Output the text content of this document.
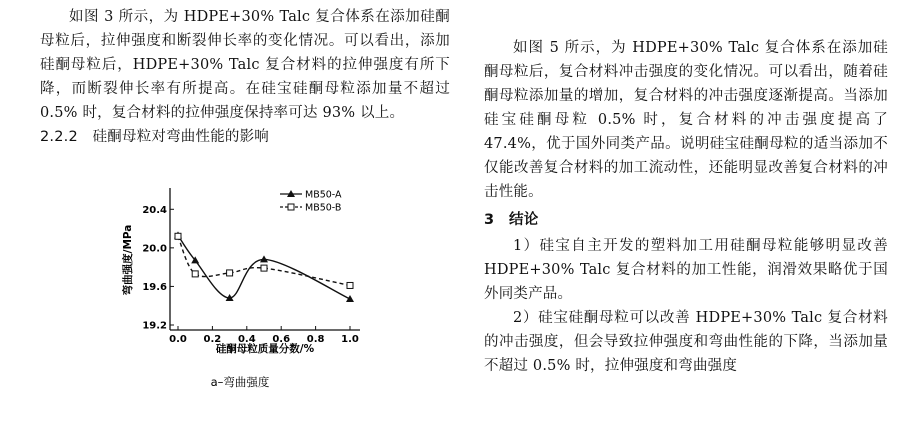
如图 3 所示，为 HDPE+30% Talc 复合体系在添加硅酮母粒后，拉伸强度和断裂伸长率的变化情况。可以看出，添加硅酮母粒后，HDPE+30% Talc 复合材料的拉伸强度有所下降，而断裂伸长率有所提高。在硅宝硅酮母粒添加量不超过 0.5% 时，复合材料的拉伸强度保持率可达 93% 以上。

2.2.2　硅酮母粒对弯曲性能的影响

0.0 0.2 0.4 0.6 0.8 1.0
19.2
19.6
20.0
20.4
MB50-A
MB50-B
硅酮母粒质量分数/%
弯曲强度/MPa
a–弯曲强度

如图 5 所示，为 HDPE+30% Talc 复合体系在添加硅酮母粒后，复合材料冲击强度的变化情况。可以看出，随着硅酮母粒添加量的增加，复合材料的冲击强度逐渐提高。当添加硅宝硅酮母粒 0.5% 时，复合材料的冲击强度提高了 47.4%，优于国外同类产品。说明硅宝硅酮母粒的适当添加不仅能改善复合材料的加工流动性，还能明显改善复合材料的冲击性能。

3　结论

1）硅宝自主开发的塑料加工用硅酮母粒能够明显改善 HDPE+30% Talc 复合材料的加工性能，润滑效果略优于国外同类产品。

2）硅宝硅酮母粒可以改善 HDPE+30% Talc 复合材料的冲击强度，但会导致拉伸强度和弯曲性能的下降，当添加量不超过 0.5% 时，拉伸强度和弯曲强度
